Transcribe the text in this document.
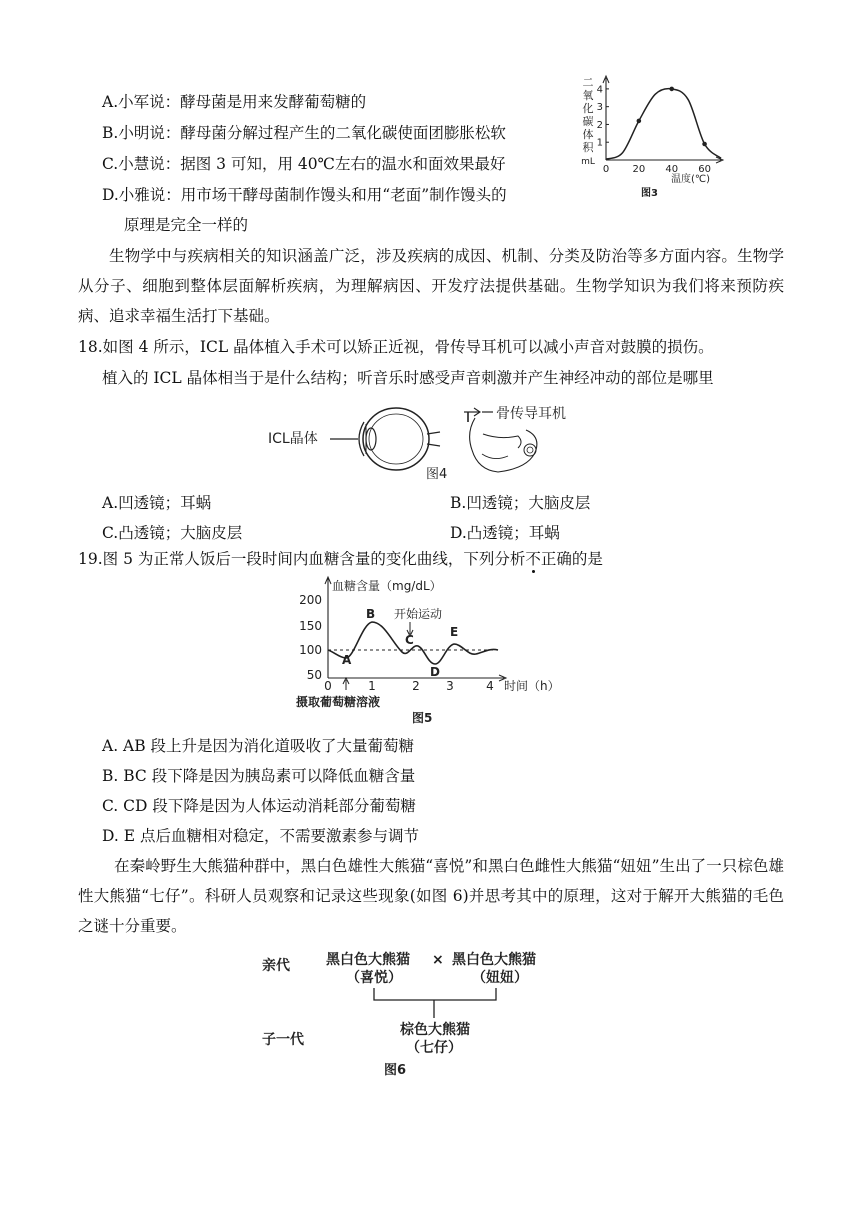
A.小军说：酵母菌是用来发酵葡萄糖的
B.小明说：酵母菌分解过程产生的二氧化碳使面团膨胀松软
C.小慧说：据图 3 可知，用 40℃左右的温水和面效果最好
D.小雅说：用市场干酵母菌制作馒头和用“老面”制作馒头的
原理是完全一样的
二
氧
化
碳
体
积
mL
1
2
3
4
0 20 40 60
温度(℃)
图3
生物学中与疾病相关的知识涵盖广泛，涉及疾病的成因、机制、分类及防治等多方面内容。生物学从分子、细胞到整体层面解析疾病，为理解病因、开发疗法提供基础。生物学知识为我们将来预防疾病、追求幸福生活打下基础。
18.如图 4 所示，ICL 晶体植入手术可以矫正近视，骨传导耳机可以减小声音对鼓膜的损伤。
植入的 ICL 晶体相当于是什么结构；听音乐时感受声音刺激并产生神经冲动的部位是哪里
ICL晶体
骨传导耳机
图4
A.凹透镜；耳蜗	B.凹透镜；大脑皮层
C.凸透镜；大脑皮层	D.凸透镜；耳蜗
19.图 5 为正常人饭后一段时间内血糖含量的变化曲线，下列分析不正确的是
血糖含量（mg/dL）
200
150
100
50
A
B
C
D
E
开始运动
0	1	2 3	4 时间（h）
摄取葡萄糖溶液
图5
A. AB 段上升是因为消化道吸收了大量葡萄糖
B. BC 段下降是因为胰岛素可以降低血糖含量
C. CD 段下降是因为人体运动消耗部分葡萄糖
D. E 点后血糖相对稳定，不需要激素参与调节
在秦岭野生大熊猫种群中，黑白色雄性大熊猫“喜悦”和黑白色雌性大熊猫“妞妞”生出了一只棕色雄性大熊猫“七仔”。科研人员观察和记录这些现象(如图 6)并思考其中的原理，这对于解开大熊猫的毛色之谜十分重要。
亲代	黑白色大熊猫
（喜悦）
× 黑白色大熊猫
（妞妞）
子一代
棕色大熊猫
（七仔）
图6
